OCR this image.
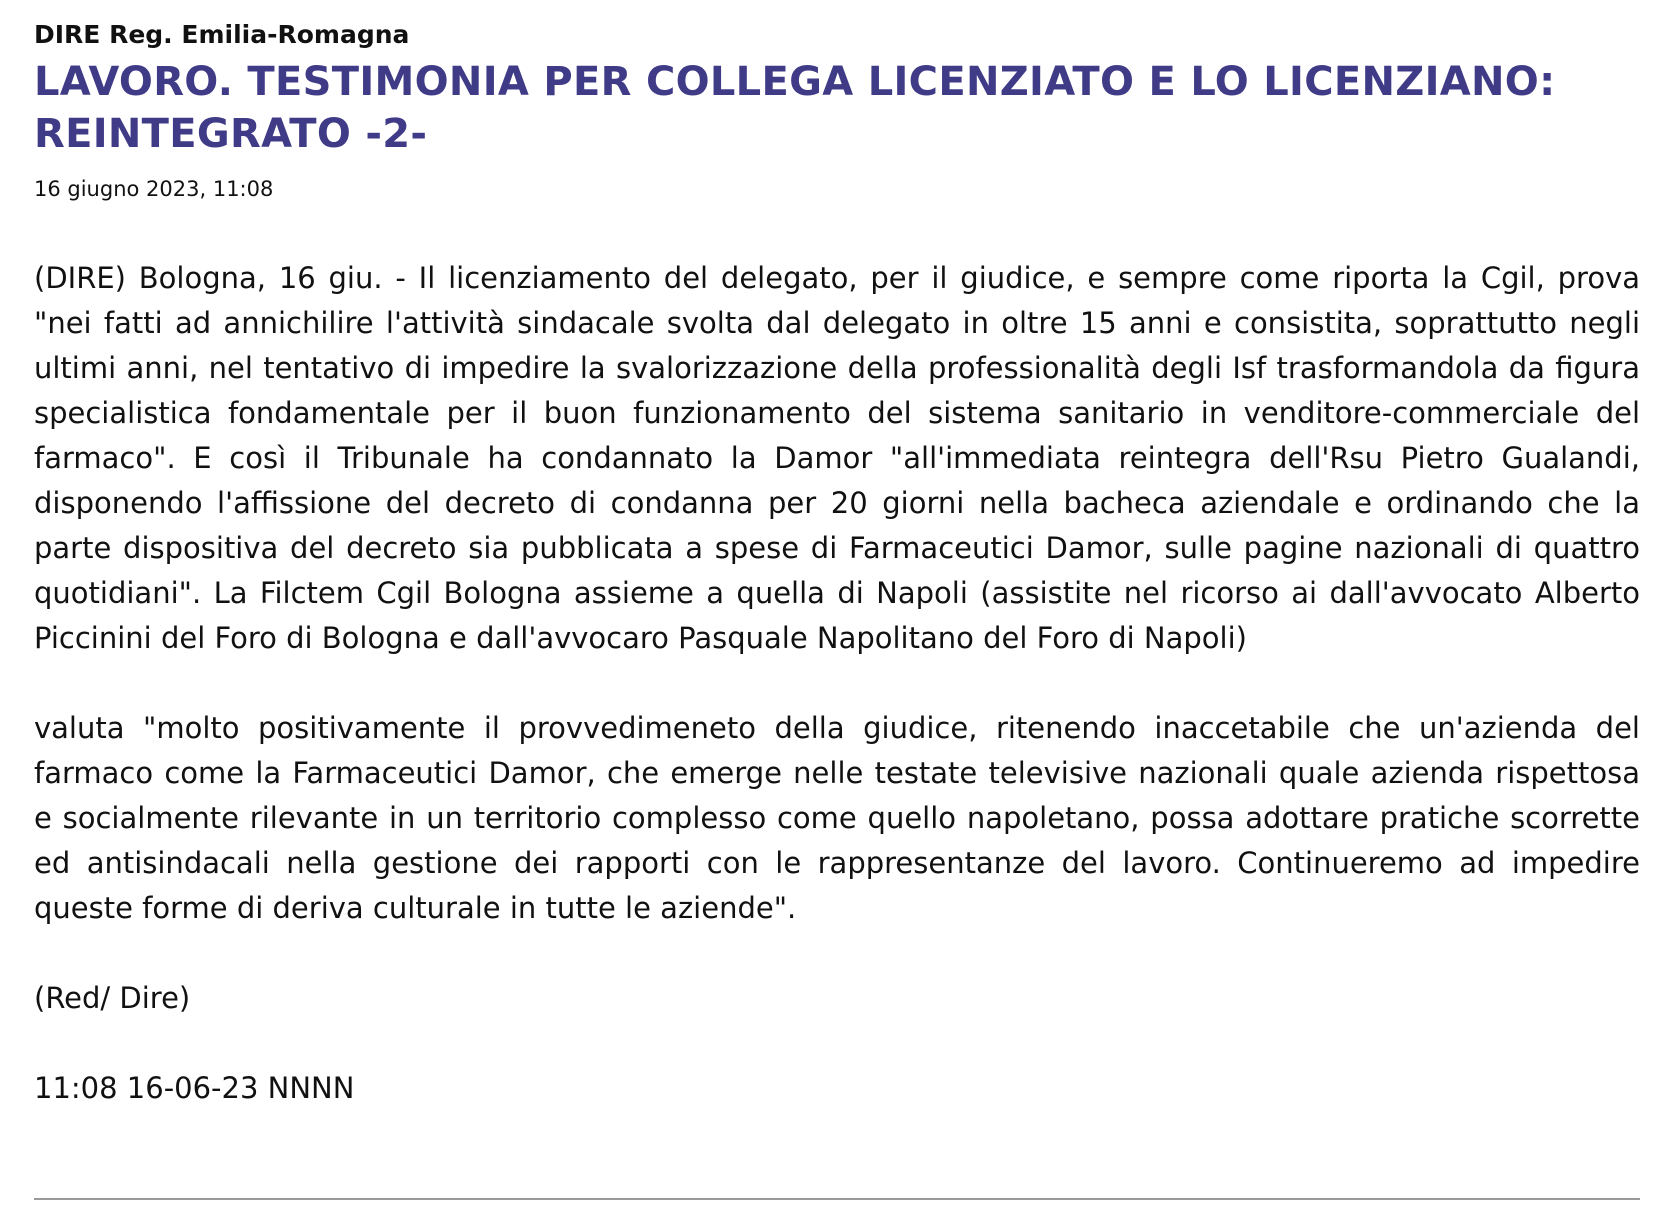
DIRE Reg. Emilia-Romagna
LAVORO. TESTIMONIA PER COLLEGA LICENZIATO E LO LICENZIANO: REINTEGRATO -2-
16 giugno 2023, 11:08

(DIRE) Bologna, 16 giu. - Il licenziamento del delegato, per il giudice, e sempre come riporta la Cgil, prova "nei fatti ad annichilire l'attività sindacale svolta dal delegato in oltre 15 anni e consistita, soprattutto negli ultimi anni, nel tentativo di impedire la svalorizzazione della professionalità degli Isf trasformandola da figura specialistica fondamentale per il buon funzionamento del sistema sanitario in venditore-commerciale del farmaco". E così il Tribunale ha condannato la Damor "all'immediata reintegra dell'Rsu Pietro Gualandi, disponendo l'affissione del decreto di condanna per 20 giorni nella bacheca aziendale e ordinando che la parte dispositiva del decreto sia pubblicata a spese di Farmaceutici Damor, sulle pagine nazionali di quattro quotidiani". La Filctem Cgil Bologna assieme a quella di Napoli (assistite nel ricorso ai dall'avvocato Alberto Piccinini del Foro di Bologna e dall'avvocaro Pasquale Napolitano del Foro di Napoli)

valuta "molto positivamente il provvedimeneto della giudice, ritenendo inaccetabile che un'azienda del farmaco come la Farmaceutici Damor, che emerge nelle testate televisive nazionali quale azienda rispettosa e socialmente rilevante in un territorio complesso come quello napoletano, possa adottare pratiche scorrette ed antisindacali nella gestione dei rapporti con le rappresentanze del lavoro. Continueremo ad impedire queste forme di deriva culturale in tutte le aziende".

(Red/ Dire)

11:08 16-06-23 NNNN
